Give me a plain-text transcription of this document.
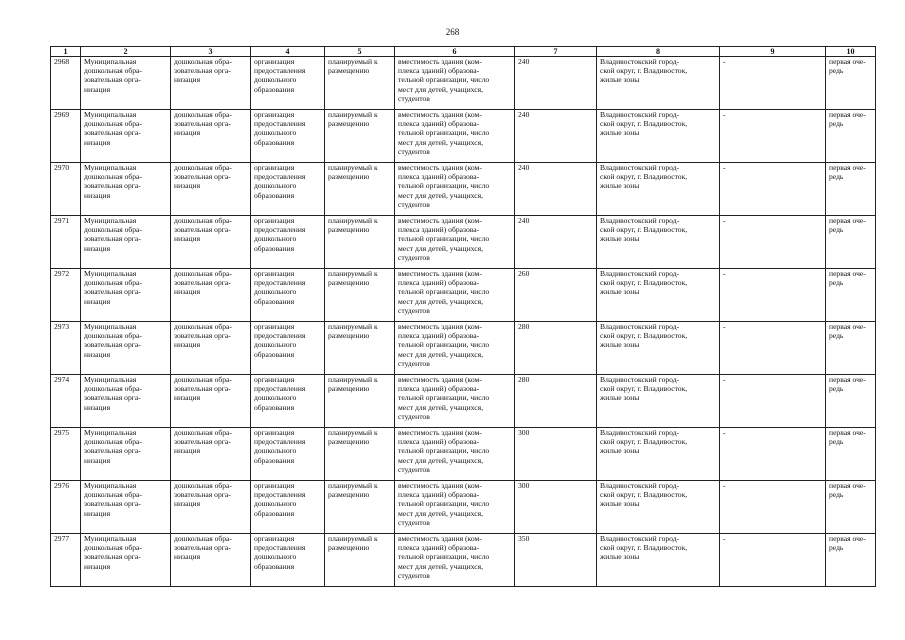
268
1	2	3	4	5	6	7	8	9	10
2968	Муниципальная
дошкольная обра-
зовательная орга-
низация	дошкольная обра-
зовательная орга-
низация	организация
предоставления
дошкольного
образования	планируемый к
размещению	вместимость здания (ком-
плекса зданий) образова-
тельной организации, число
мест для детей, учащихся,
студентов	240	Владивостокский город-
ской округ, г. Владивосток,
жилые зоны	-	первая оче-
редь
2969	Муниципальная
дошкольная обра-
зовательная орга-
низация	дошкольная обра-
зовательная орга-
низация	организация
предоставления
дошкольного
образования	планируемый к
размещению	вместимость здания (ком-
плекса зданий) образова-
тельной организации, число
мест для детей, учащихся,
студентов	240	Владивостокский город-
ской округ, г. Владивосток,
жилые зоны	-	первая оче-
редь
2970	Муниципальная
дошкольная обра-
зовательная орга-
низация	дошкольная обра-
зовательная орга-
низация	организация
предоставления
дошкольного
образования	планируемый к
размещению	вместимость здания (ком-
плекса зданий) образова-
тельной организации, число
мест для детей, учащихся,
студентов	240	Владивостокский город-
ской округ, г. Владивосток,
жилые зоны	-	первая оче-
редь
2971	Муниципальная
дошкольная обра-
зовательная орга-
низация	дошкольная обра-
зовательная орга-
низация	организация
предоставления
дошкольного
образования	планируемый к
размещению	вместимость здания (ком-
плекса зданий) образова-
тельной организации, число
мест для детей, учащихся,
студентов	240	Владивостокский город-
ской округ, г. Владивосток,
жилые зоны	-	первая оче-
редь
2972	Муниципальная
дошкольная обра-
зовательная орга-
низация	дошкольная обра-
зовательная орга-
низация	организация
предоставления
дошкольного
образования	планируемый к
размещению	вместимость здания (ком-
плекса зданий) образова-
тельной организации, число
мест для детей, учащихся,
студентов	260	Владивостокский город-
ской округ, г. Владивосток,
жилые зоны	-	первая оче-
редь
2973	Муниципальная
дошкольная обра-
зовательная орга-
низация	дошкольная обра-
зовательная орга-
низация	организация
предоставления
дошкольного
образования	планируемый к
размещению	вместимость здания (ком-
плекса зданий) образова-
тельной организации, число
мест для детей, учащихся,
студентов	280	Владивостокский город-
ской округ, г. Владивосток,
жилые зоны	-	первая оче-
редь
2974	Муниципальная
дошкольная обра-
зовательная орга-
низация	дошкольная обра-
зовательная орга-
низация	организация
предоставления
дошкольного
образования	планируемый к
размещению	вместимость здания (ком-
плекса зданий) образова-
тельной организации, число
мест для детей, учащихся,
студентов	280	Владивостокский город-
ской округ, г. Владивосток,
жилые зоны	-	первая оче-
редь
2975	Муниципальная
дошкольная обра-
зовательная орга-
низация	дошкольная обра-
зовательная орга-
низация	организация
предоставления
дошкольного
образования	планируемый к
размещению	вместимость здания (ком-
плекса зданий) образова-
тельной организации, число
мест для детей, учащихся,
студентов	300	Владивостокский город-
ской округ, г. Владивосток,
жилые зоны	-	первая оче-
редь
2976	Муниципальная
дошкольная обра-
зовательная орга-
низация	дошкольная обра-
зовательная орга-
низация	организация
предоставления
дошкольного
образования	планируемый к
размещению	вместимость здания (ком-
плекса зданий) образова-
тельной организации, число
мест для детей, учащихся,
студентов	300	Владивостокский город-
ской округ, г. Владивосток,
жилые зоны	-	первая оче-
редь
2977	Муниципальная
дошкольная обра-
зовательная орга-
низация	дошкольная обра-
зовательная орга-
низация	организация
предоставления
дошкольного
образования	планируемый к
размещению	вместимость здания (ком-
плекса зданий) образова-
тельной организации, число
мест для детей, учащихся,
студентов	350	Владивостокский город-
ской округ, г. Владивосток,
жилые зоны	-	первая оче-
редь
